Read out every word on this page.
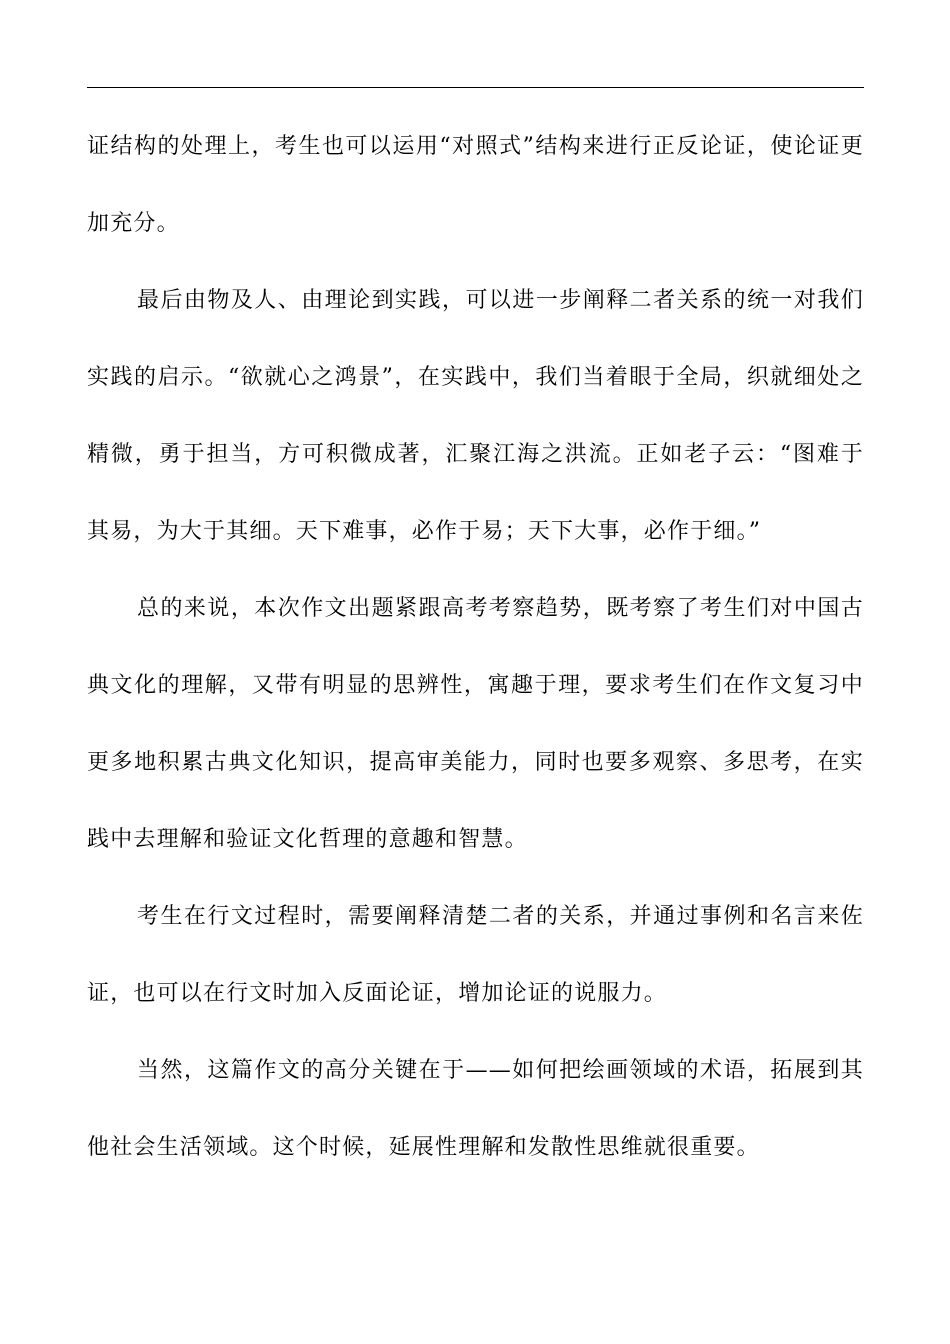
证结构的处理上，考生也可以运用“对照式”结构来进行正反论证，使论证更加充分。

最后由物及人、由理论到实践，可以进一步阐释二者关系的统一对我们实践的启示。“欲就心之鸿景”，在实践中，我们当着眼于全局，织就细处之精微，勇于担当，方可积微成著，汇聚江海之洪流。正如老子云：“图难于其易，为大于其细。天下难事，必作于易；天下大事，必作于细。”

总的来说，本次作文出题紧跟高考考察趋势，既考察了考生们对中国古典文化的理解，又带有明显的思辨性，寓趣于理，要求考生们在作文复习中更多地积累古典文化知识，提高审美能力，同时也要多观察、多思考，在实践中去理解和验证文化哲理的意趣和智慧。

考生在行文过程时，需要阐释清楚二者的关系，并通过事例和名言来佐证，也可以在行文时加入反面论证，增加论证的说服力。

当然，这篇作文的高分关键在于——如何把绘画领域的术语，拓展到其他社会生活领域。这个时候，延展性理解和发散性思维就很重要。
